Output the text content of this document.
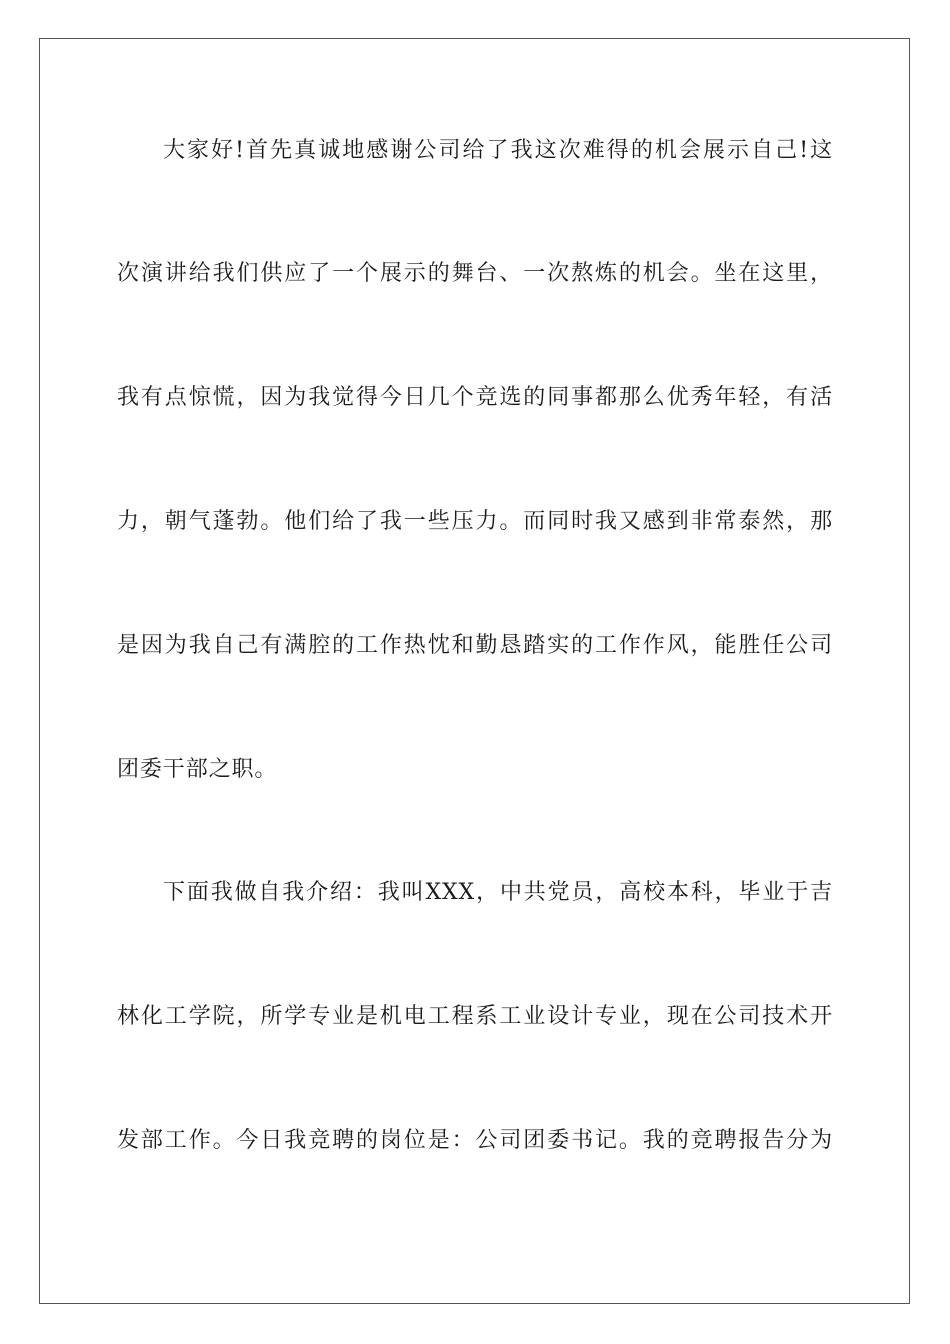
大家好!首先真诚地感谢公司给了我这次难得的机会展示自己!这
次演讲给我们供应了一个展示的舞台、一次熬炼的机会。坐在这里，
我有点惊慌，因为我觉得今日几个竞选的同事都那么优秀年轻，有活
力，朝气蓬勃。他们给了我一些压力。而同时我又感到非常泰然，那
是因为我自己有满腔的工作热忱和勤恳踏实的工作作风，能胜任公司
团委干部之职。
下面我做自我介绍：我叫XXX，中共党员，高校本科，毕业于吉
林化工学院，所学专业是机电工程系工业设计专业，现在公司技术开
发部工作。今日我竞聘的岗位是：公司团委书记。我的竞聘报告分为
